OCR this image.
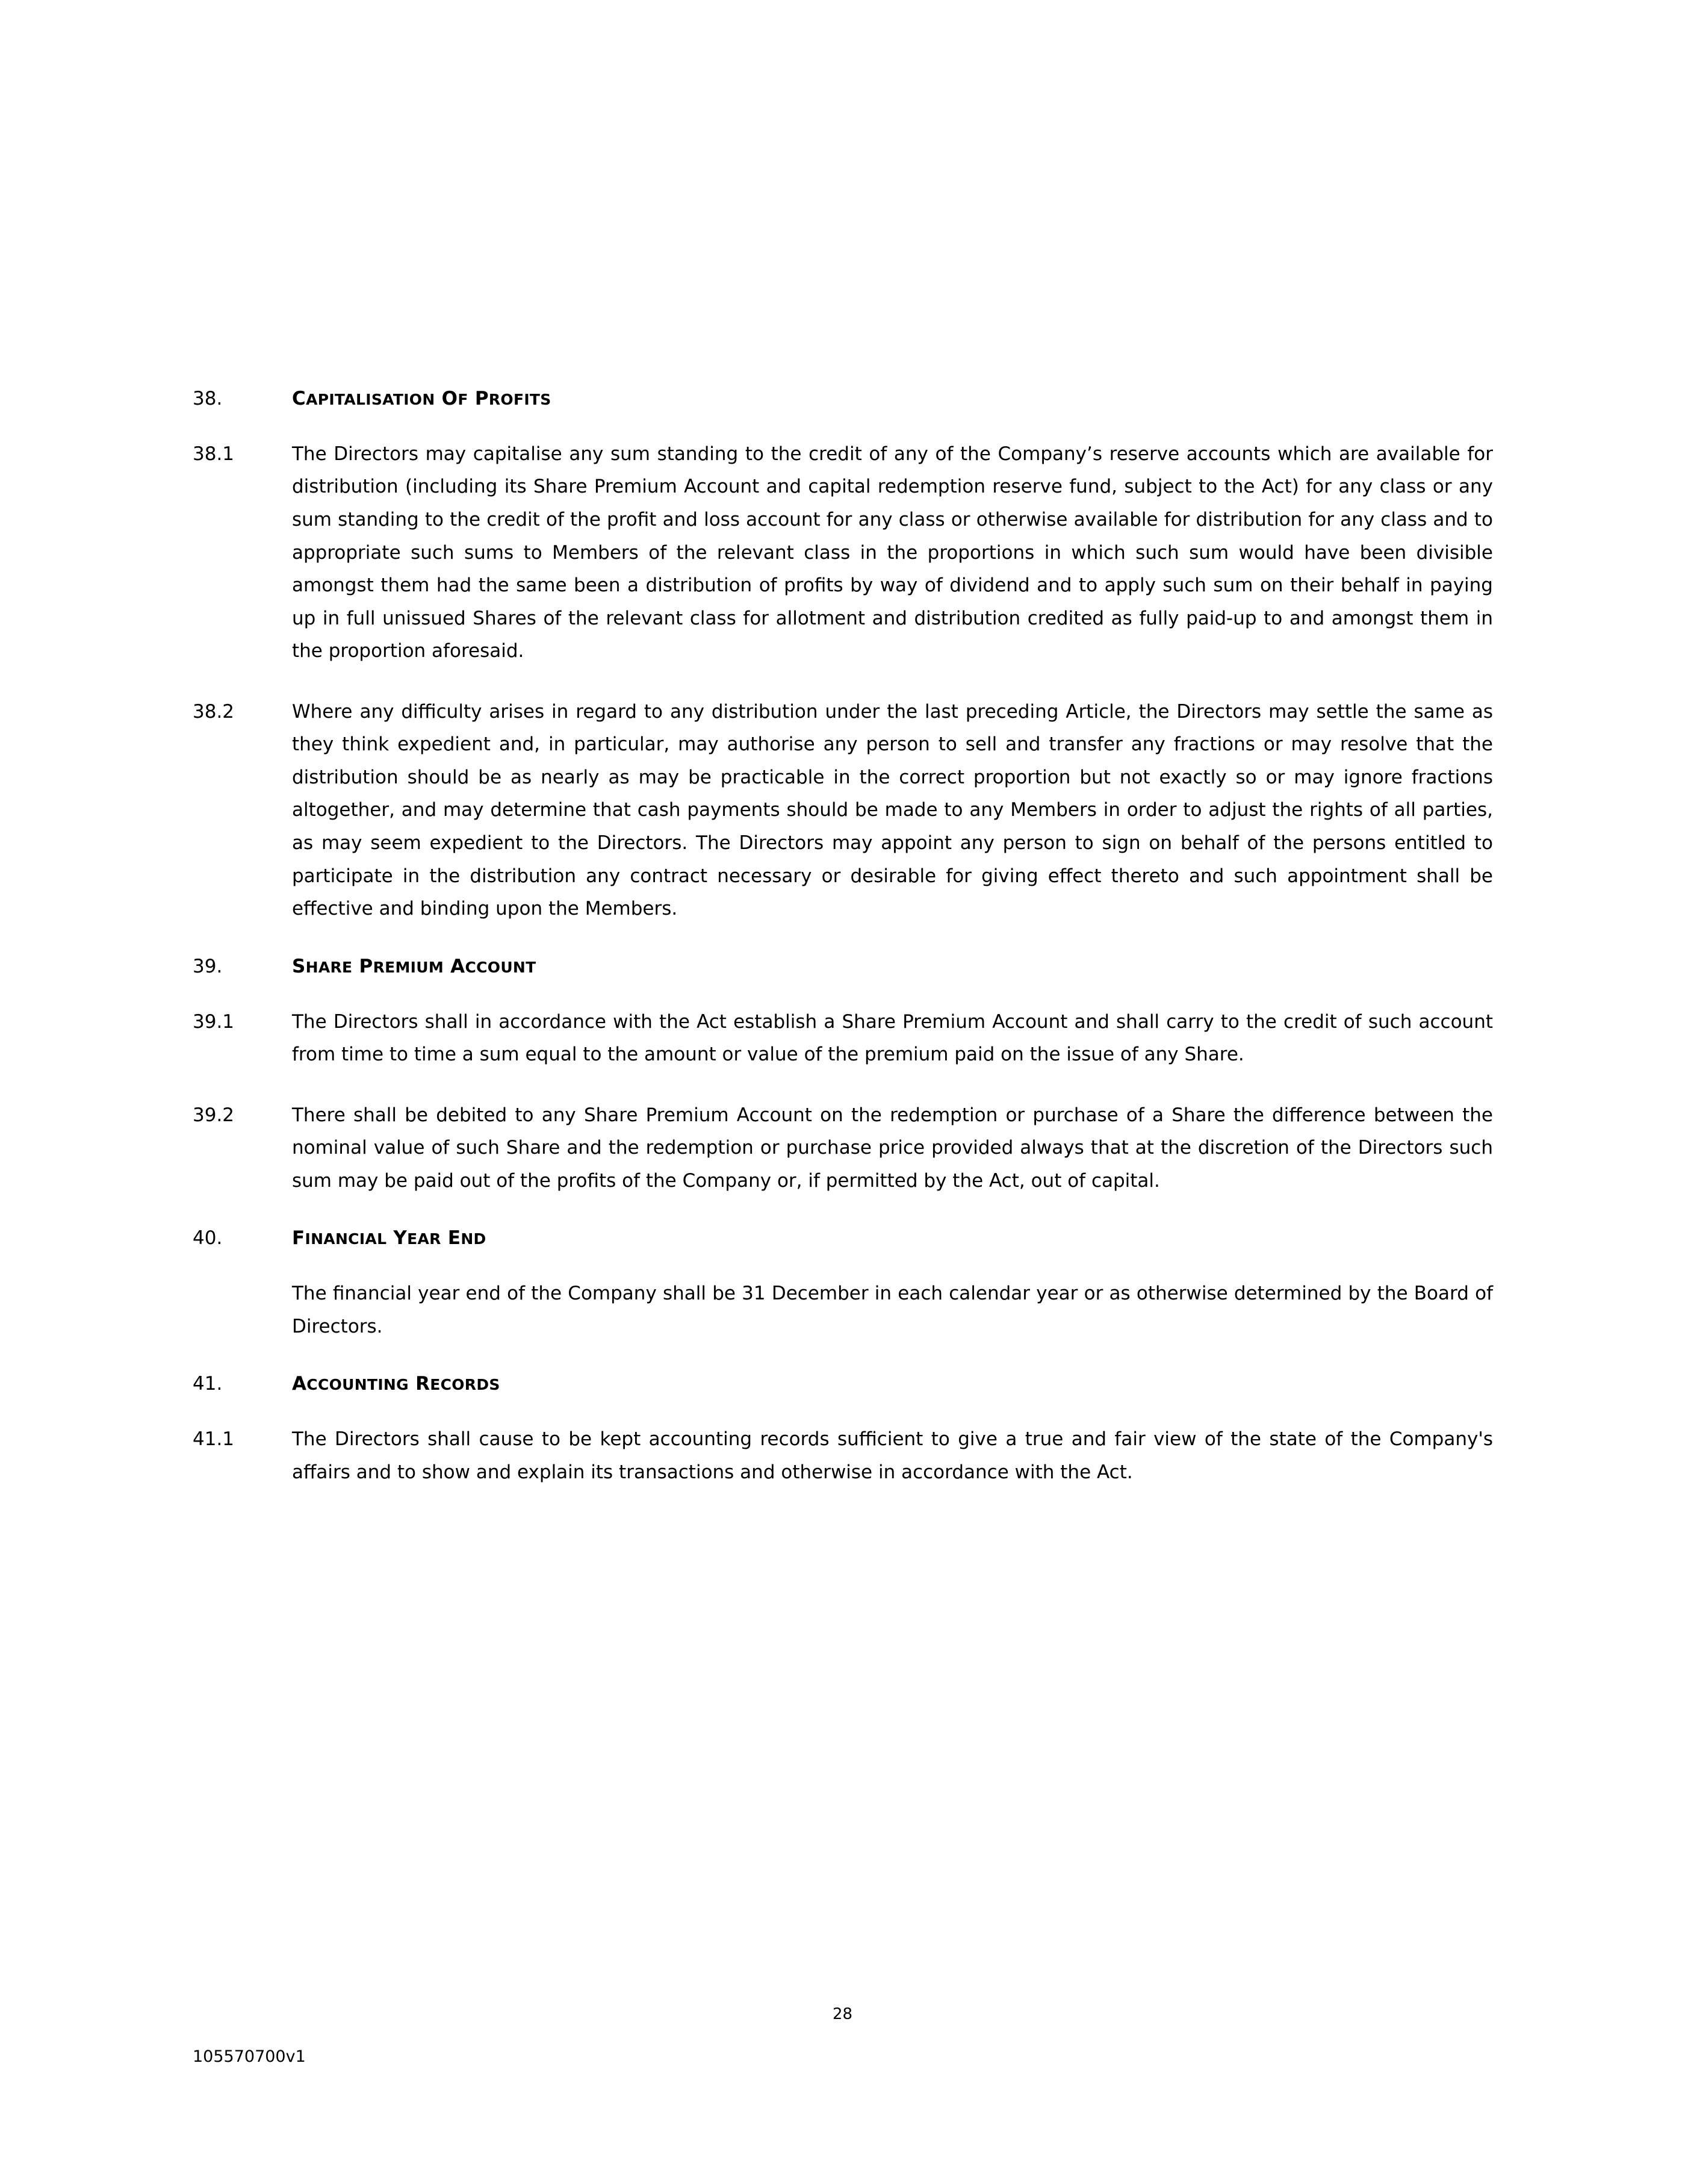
38.	CAPITALISATION OF PROFITS
38.1	The Directors may capitalise any sum standing to the credit of any of the Company’s reserve accounts which are available for distribution (including its Share Premium Account and capital redemption reserve fund, subject to the Act) for any class or any sum standing to the credit of the profit and loss account for any class or otherwise available for distribution for any class and to appropriate such sums to Members of the relevant class in the proportions in which such sum would have been divisible amongst them had the same been a distribution of profits by way of dividend and to apply such sum on their behalf in paying up in full unissued Shares of the relevant class for allotment and distribution credited as fully paid-up to and amongst them in the proportion aforesaid.
38.2	Where any difficulty arises in regard to any distribution under the last preceding Article, the Directors may settle the same as they think expedient and, in particular, may authorise any person to sell and transfer any fractions or may resolve that the distribution should be as nearly as may be practicable in the correct proportion but not exactly so or may ignore fractions altogether, and may determine that cash payments should be made to any Members in order to adjust the rights of all parties, as may seem expedient to the Directors. The Directors may appoint any person to sign on behalf of the persons entitled to participate in the distribution any contract necessary or desirable for giving effect thereto and such appointment shall be effective and binding upon the Members.
39.	SHARE PREMIUM ACCOUNT
39.1	The Directors shall in accordance with the Act establish a Share Premium Account and shall carry to the credit of such account from time to time a sum equal to the amount or value of the premium paid on the issue of any Share.
39.2	There shall be debited to any Share Premium Account on the redemption or purchase of a Share the difference between the nominal value of such Share and the redemption or purchase price provided always that at the discretion of the Directors such sum may be paid out of the profits of the Company or, if permitted by the Act, out of capital.
40.	FINANCIAL YEAR END
The financial year end of the Company shall be 31 December in each calendar year or as otherwise determined by the Board of Directors.
41.	ACCOUNTING RECORDS
41.1	The Directors shall cause to be kept accounting records sufficient to give a true and fair view of the state of the Company's affairs and to show and explain its transactions and otherwise in accordance with the Act.
28
105570700v1
